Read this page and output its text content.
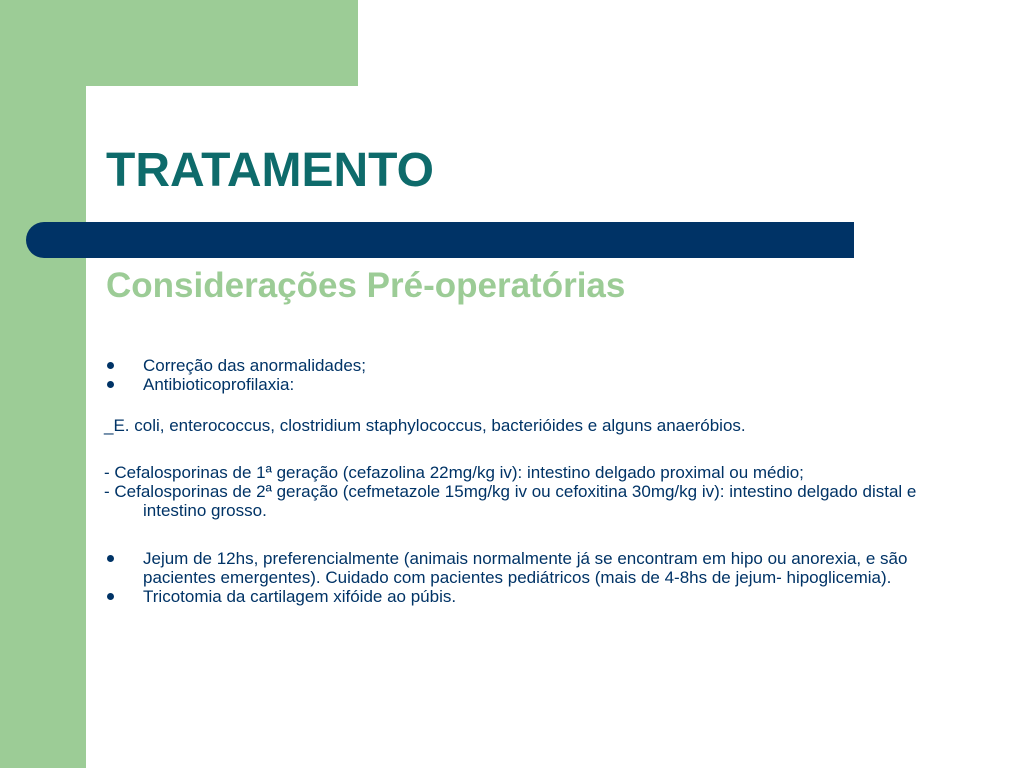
TRATAMENTO
Considerações Pré-operatórias
Correção das anormalidades;
Antibioticoprofilaxia:
_E. coli, enterococcus, clostridium staphylococcus, bacterióides e alguns anaeróbios.
- Cefalosporinas de 1ª geração (cefazolina 22mg/kg iv): intestino delgado proximal ou médio;
- Cefalosporinas de 2ª geração (cefmetazole 15mg/kg iv ou cefoxitina 30mg/kg iv): intestino delgado distal e intestino grosso.
Jejum de 12hs, preferencialmente (animais normalmente já se encontram em hipo ou anorexia, e são pacientes emergentes). Cuidado com pacientes pediátricos (mais de 4-8hs de jejum- hipoglicemia).
Tricotomia da cartilagem xifóide ao púbis.
